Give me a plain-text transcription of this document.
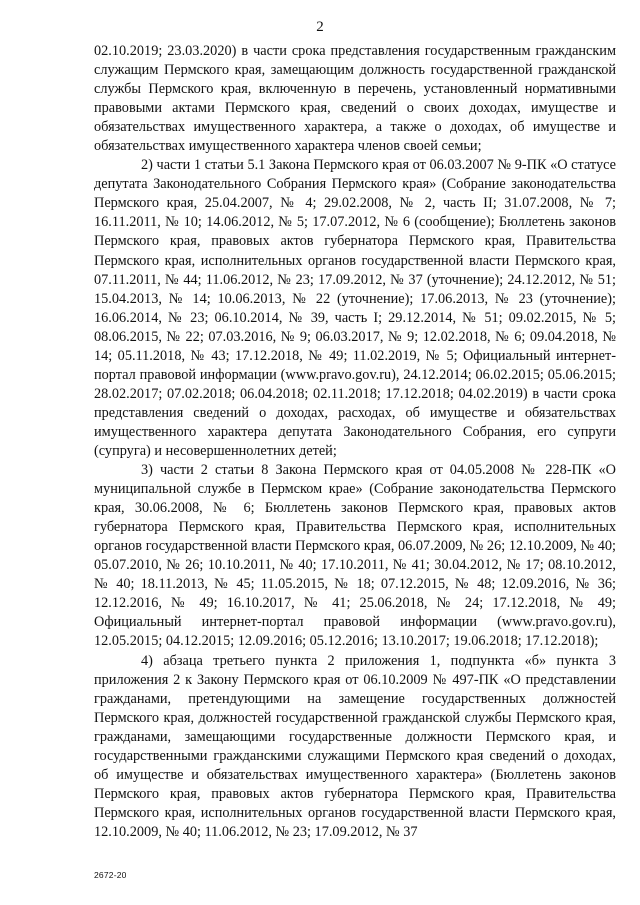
2

02.10.2019; 23.03.2020) в части срока представления государственным гражданским служащим Пермского края, замещающим должность государственной гражданской службы Пермского края, включенную в перечень, установленный нормативными правовыми актами Пермского края, сведений о своих доходах, имуществе и обязательствах имущественного характера, а также о доходах, об имуществе и обязательствах имущественного характера членов своей семьи;

2) части 1 статьи 5.1 Закона Пермского края от 06.03.2007 № 9-ПК «О статусе депутата Законодательного Собрания Пермского края» (Собрание законодательства Пермского края, 25.04.2007, № 4; 29.02.2008, № 2, часть II; 31.07.2008, № 7; 16.11.2011, № 10; 14.06.2012, № 5; 17.07.2012, № 6 (сообщение); Бюллетень законов Пермского края, правовых актов губернатора Пермского края, Правительства Пермского края, исполнительных органов государственной власти Пермского края, 07.11.2011, № 44; 11.06.2012, № 23; 17.09.2012, № 37 (уточнение); 24.12.2012, № 51; 15.04.2013, № 14; 10.06.2013, № 22 (уточнение); 17.06.2013, № 23 (уточнение); 16.06.2014, № 23; 06.10.2014, № 39, часть I; 29.12.2014, № 51; 09.02.2015, № 5; 08.06.2015, № 22; 07.03.2016, № 9; 06.03.2017, № 9; 12.02.2018, № 6; 09.04.2018, № 14; 05.11.2018, № 43; 17.12.2018, № 49; 11.02.2019, № 5; Официальный интернет-портал правовой информации (www.pravo.gov.ru), 24.12.2014; 06.02.2015; 05.06.2015; 28.02.2017; 07.02.2018; 06.04.2018; 02.11.2018; 17.12.2018; 04.02.2019) в части срока представления сведений о доходах, расходах, об имуществе и обязательствах имущественного характера депутата Законодательного Собрания, его супруги (супруга) и несовершеннолетних детей;

3) части 2 статьи 8 Закона Пермского края от 04.05.2008 № 228-ПК «О муниципальной службе в Пермском крае» (Собрание законодательства Пермского края, 30.06.2008, № 6; Бюллетень законов Пермского края, правовых актов губернатора Пермского края, Правительства Пермского края, исполнительных органов государственной власти Пермского края, 06.07.2009, № 26; 12.10.2009, № 40; 05.07.2010, № 26; 10.10.2011, № 40; 17.10.2011, № 41; 30.04.2012, № 17; 08.10.2012, № 40; 18.11.2013, № 45; 11.05.2015, № 18; 07.12.2015, № 48; 12.09.2016, № 36; 12.12.2016, № 49; 16.10.2017, № 41; 25.06.2018, № 24; 17.12.2018, № 49; Официальный интернет-портал правовой информации (www.pravo.gov.ru), 12.05.2015; 04.12.2015; 12.09.2016; 05.12.2016; 13.10.2017; 19.06.2018; 17.12.2018);

4) абзаца третьего пункта 2 приложения 1, подпункта «б» пункта 3 приложения 2 к Закону Пермского края от 06.10.2009 № 497-ПК «О представлении гражданами, претендующими на замещение государственных должностей Пермского края, должностей государственной гражданской службы Пермского края, гражданами, замещающими государственные должности Пермского края, и государственными гражданскими служащими Пермского края сведений о доходах, об имуществе и обязательствах имущественного характера» (Бюллетень законов Пермского края, правовых актов губернатора Пермского края, Правительства Пермского края, исполнительных органов государственной власти Пермского края, 12.10.2009, № 40; 11.06.2012, № 23; 17.09.2012, № 37

2672-20
